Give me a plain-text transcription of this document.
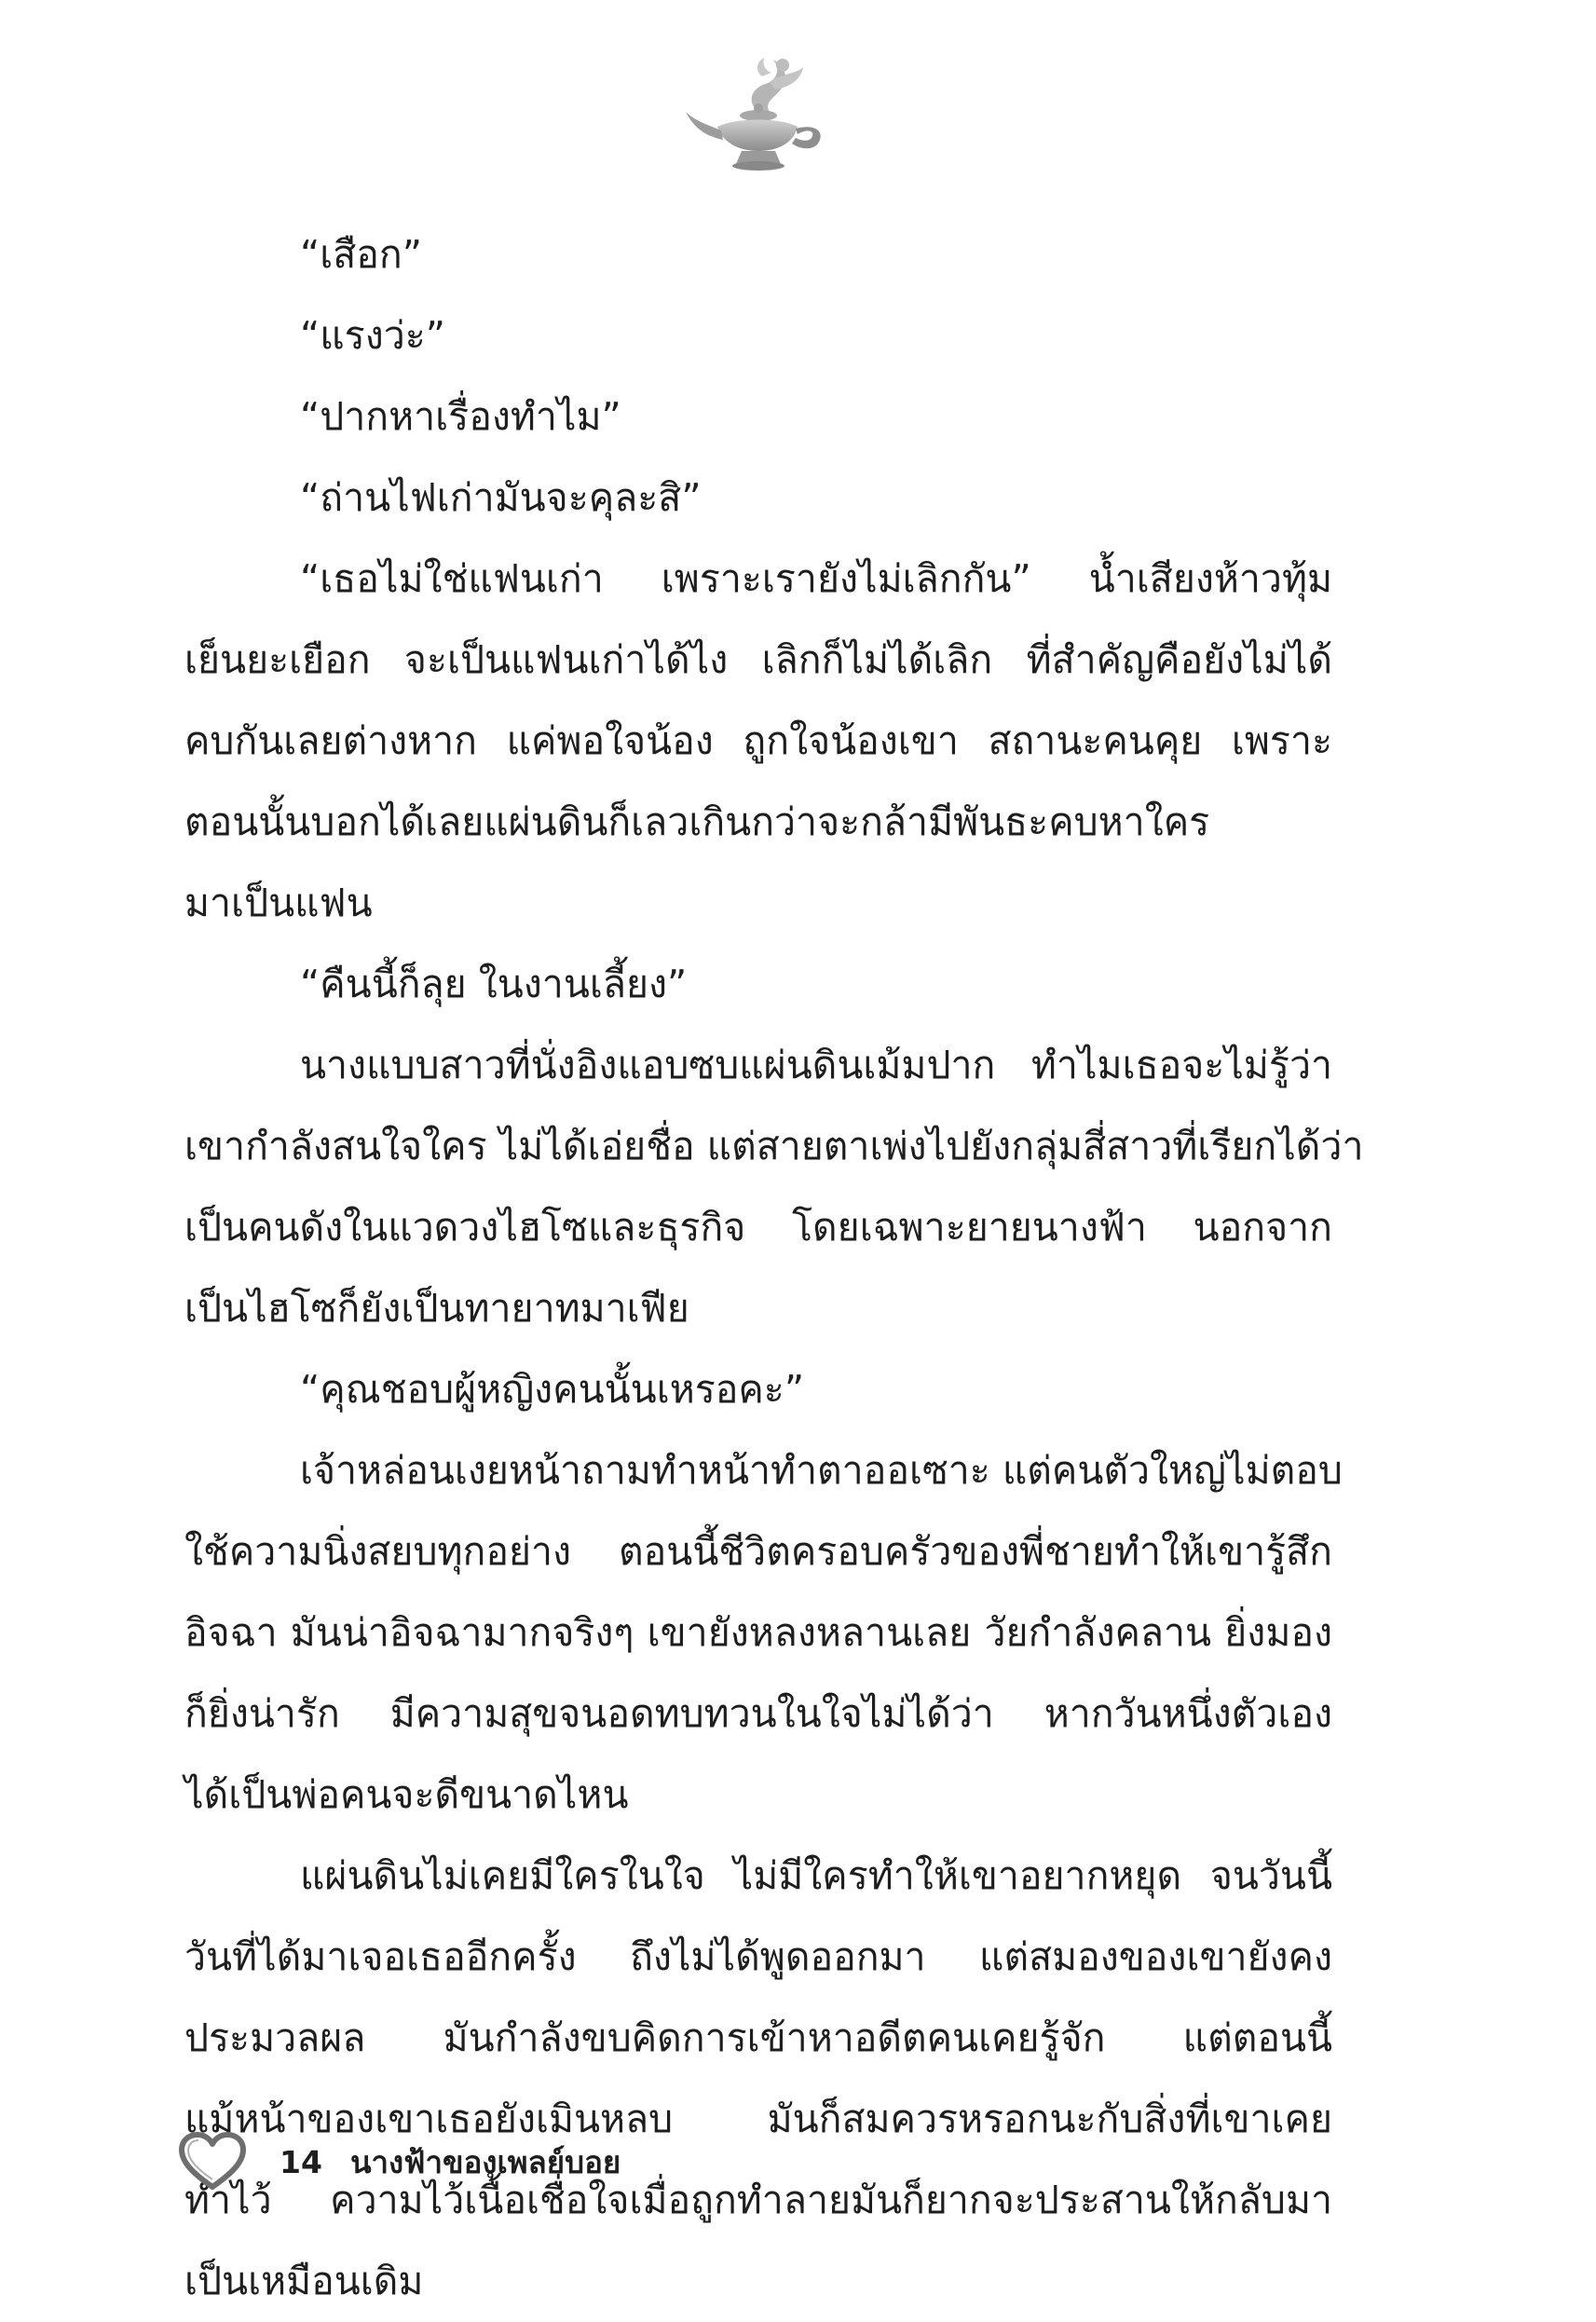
“เสือก”
“แรงว่ะ”
“ปากหาเรื่องทำไม”
“ถ่านไฟเก่ามันจะคุละสิ”
“เธอไม่ใช่แฟนเก่า เพราะเรายังไม่เลิกกัน” น้ำเสียงห้าวทุ้ม
เย็นยะเยือก จะเป็นแฟนเก่าได้ไง เลิกก็ไม่ได้เลิก ที่สำคัญคือยังไม่ได้
คบกันเลยต่างหาก แค่พอใจน้อง ถูกใจน้องเขา สถานะคนคุย เพราะ
ตอนนั้นบอกได้เลยแผ่นดินก็เลวเกินกว่าจะกล้ามีพันธะคบหาใคร
มาเป็นแฟน
“คืนนี้ก็ลุย ในงานเลี้ยง”
นางแบบสาวที่นั่งอิงแอบซบแผ่นดินเม้มปาก ทำไมเธอจะไม่รู้ว่า
เขากำลังสนใจใคร ไม่ได้เอ่ยชื่อ แต่สายตาเพ่งไปยังกลุ่มสี่สาวที่เรียกได้ว่า
เป็นคนดังในแวดวงไฮโซและธุรกิจ โดยเฉพาะยายนางฟ้า นอกจาก
เป็นไฮโซก็ยังเป็นทายาทมาเฟีย
“คุณชอบผู้หญิงคนนั้นเหรอคะ”
เจ้าหล่อนเงยหน้าถามทำหน้าทำตาออเซาะ แต่คนตัวใหญ่ไม่ตอบ
ใช้ความนิ่งสยบทุกอย่าง ตอนนี้ชีวิตครอบครัวของพี่ชายทำให้เขารู้สึก
อิจฉา มันน่าอิจฉามากจริงๆ เขายังหลงหลานเลย วัยกำลังคลาน ยิ่งมอง
ก็ยิ่งน่ารัก มีความสุขจนอดทบทวนในใจไม่ได้ว่า หากวันหนึ่งตัวเอง
ได้เป็นพ่อคนจะดีขนาดไหน
แผ่นดินไม่เคยมีใครในใจ ไม่มีใครทำให้เขาอยากหยุด จนวันนี้
วันที่ได้มาเจอเธออีกครั้ง ถึงไม่ได้พูดออกมา แต่สมองของเขายังคง
ประมวลผล มันกำลังขบคิดการเข้าหาอดีตคนเคยรู้จัก แต่ตอนนี้
แม้หน้าของเขาเธอยังเมินหลบ มันก็สมควรหรอกนะกับสิ่งที่เขาเคย
ทำไว้ ความไว้เนื้อเชื่อใจเมื่อถูกทำลายมันก็ยากจะประสานให้กลับมา
เป็นเหมือนเดิม
14 นางฟ้าของเพลย์บอย
